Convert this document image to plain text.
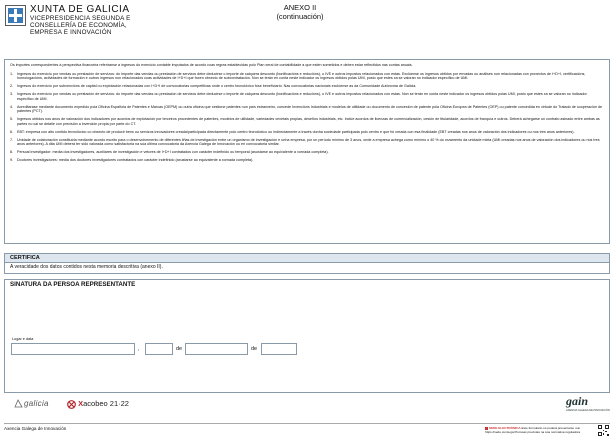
XUNTA DE GALICIA
VICEPRESIDENCIA SEGUNDA E
CONSELLERÍA DE ECONOMÍA,
EMPRESA E INNOVACIÓN
ANEXO II
(continuación)

Os importes correspondentes á perspectiva financeira referiranse a ingresos do exercicio contable imputados de acordo coas regras establecidas polo Plan xeral de contabilidade a que estén sometidos e deben estar reflectidos nas contas anuais.

1.	Ingresos do exercicio por vendas ou prestación de servizos: do importe das vendas ou prestación de servizos debe deducirse o importe de calquera desconto (bonificacións e reducións), o IVE e outros impostos relacionados con estas. Exclúense os ingresos obtidos por envadas ou análises non relacionadas con proxectos de I+D+I, certificacións, homologacións, actividades de formación e outros ingresos non relacionados coas actividades de I+D+I que foxen obxecto de subcontratación. Non se terán en conta neste indicador os ingresos obtidos polas UMI, posto que estes xa se valoran no indicador específico de UMI.
2.	Ingresos do exercicio por subvencións de capital ou explotación relacionadas con I+D+I de convocatorias competitivas onde o centro tecnolóxico fose beneficiario. Nas convocatorias nacionais exclúense as da Comunidade Autónoma de Galicia.
3.	Ingresos do exercicio por vendas ou prestación de servizos: do importe das vendas ou prestación de servizos debe deducirse o importe de calquera desconto (bonificacións e reducións), o IVE e outros impostos relacionados con estas. Non se terán en conta neste indicador os ingresos obtidos polas UMI, posto que estes xa se valoran no indicador específico de UMI.
4.	Acreditarase mediante documento expedido pola Oficina Española de Patentes e Marcas (OEPM) ou outra oficina que xestione patentes nun país estranxeiro, concede Invencións Industriais e modelos de utilidade ou documento de concesión de patente pola Oficina Europea de Patentes (OEP) ou patente concedida en virtude do Tratado de cooperación de patentes (PCT).
5.	Ingresos obtidos nos anos de valoración dos indicadores por acordos de explotación por terceiros procedentes de patentes, modelos de utilidade, variedades vexetais propias, deseños industriais, etc. Inclúe acordos de licenzas de comercialización, cesión de titularidade, acordos de franquía e outros. Deberá achegarse un contrato asinado entre ambas as partes no cal se detalle con precisión a invención propia por parte do CT.
6.	EBT: empresa cun alto contido tecnolóxico co obxecto de producir bens ou servizos innovadores creada/participada directamente polo centro tecnolóxico ou indirectamente a través dunha sociedade participada polo centro e que foi creada con esa finalidade (EBT creadas nos anos de valoración dos indicadores ou nos tres anos anteriores).
7.	Unidade de colaboración constituída mediante acordo escrito para o desenvolvemento de diferentes liñas de investigación entre un organismo de investigación e unha empresa, por un período mínimo de 3 anos, onde a empresa achega como mínimo o 40 % do orzamento da unidade mixta (UMI creadas nos anos de valoración dos indicadores ou nos tres anos anteriores). A dita UMI deberá ter sido valorada como satisfactoria na súa última convocatoria da Axencia Galega de Innovación ou en convocatoria similar.
8.	Persoal investigador: media dos investigadores, auxiliares de investigación e vetores de I+D+I contratados con carácter indefinido ou temporal (asustarse ao equivalente a xornada completa).
9.	Doutores investigadores: media dos doutores investigadores contratados con carácter indefinido (axustarse ao equivalente a xornada completa).
CERTIFICA
A veracidade dos datos contidos nesta memoria descritiva (anexo II).
SINATURA DA PERSOA REPRESENTANTE
Lugar e data
,	de	de
galicia	Xacobeo 21·22	gain
AXENCIA GALEGA DE INNOVACIÓN
Axencia Galega de Innovación	SEDE ELECTRÓNICA Este formulario só poderá presentarse nun
https://sede.xunta.gal Persoas previstas na súa normativa reguladora
